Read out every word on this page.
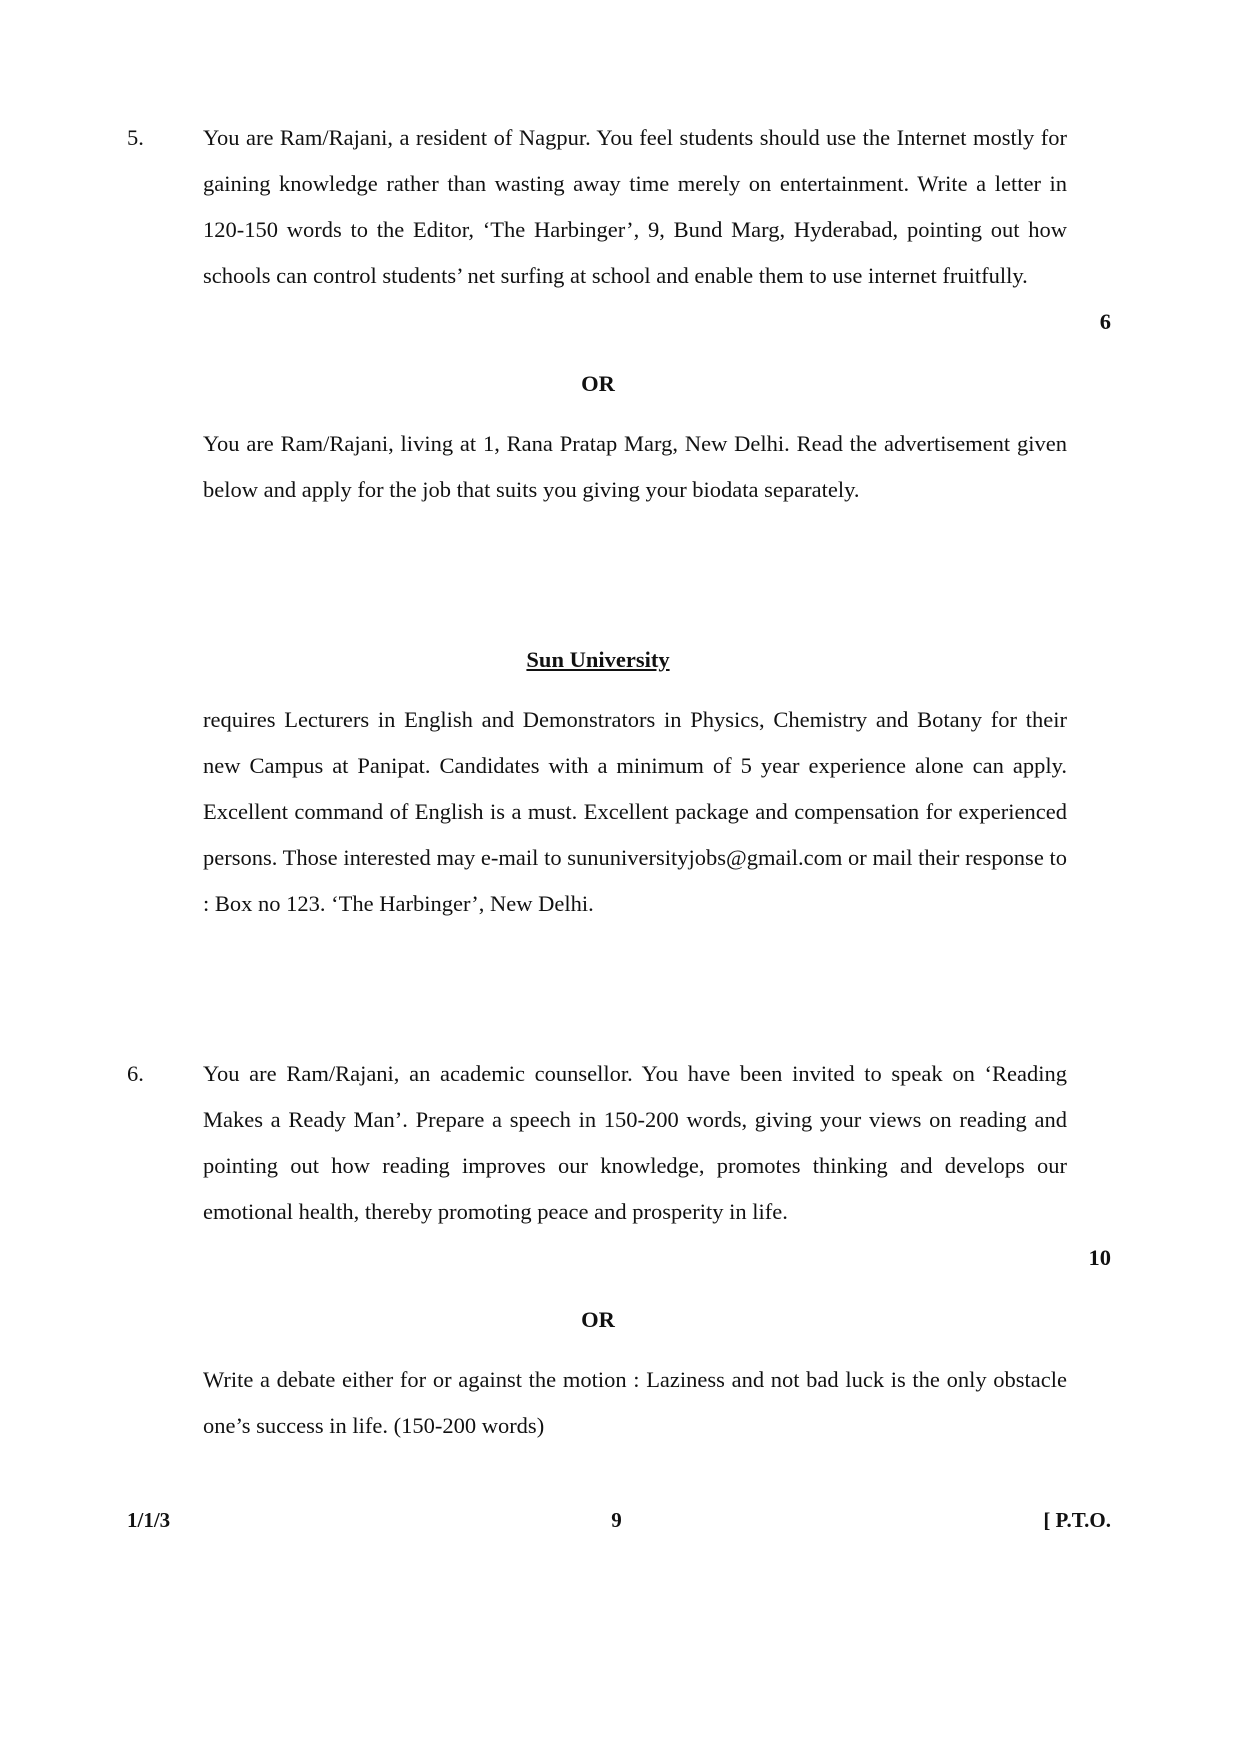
5.	You are Ram/Rajani, a resident of Nagpur. You feel students should use the Internet mostly for gaining knowledge rather than wasting away time merely on entertainment. Write a letter in 120-150 words to the Editor, ‘The Harbinger’, 9, Bund Marg, Hyderabad, pointing out how schools can control students’ net surfing at school and enable them to use internet fruitfully.

6
OR

You are Ram/Rajani, living at 1, Rana Pratap Marg, New Delhi. Read the advertisement given below and apply for the job that suits you giving your biodata separately.

Sun University

requires Lecturers in English and Demonstrators in Physics, Chemistry and Botany for their new Campus at Panipat. Candidates with a minimum of 5 year experience alone can apply. Excellent command of English is a must. Excellent package and compensation for experienced persons. Those interested may e-mail to sununiversityjobs@gmail.com or mail their response to : Box no 123. ‘The Harbinger’, New Delhi.

6.	You are Ram/Rajani, an academic counsellor. You have been invited to speak on ‘Reading Makes a Ready Man’. Prepare a speech in 150-200 words, giving your views on reading and pointing out how reading improves our knowledge, promotes thinking and develops our emotional health, thereby promoting peace and prosperity in life.

10
OR

Write a debate either for or against the motion : Laziness and not bad luck is the only obstacle one’s success in life. (150-200 words)

1/1/3	9	[ P.T.O.
